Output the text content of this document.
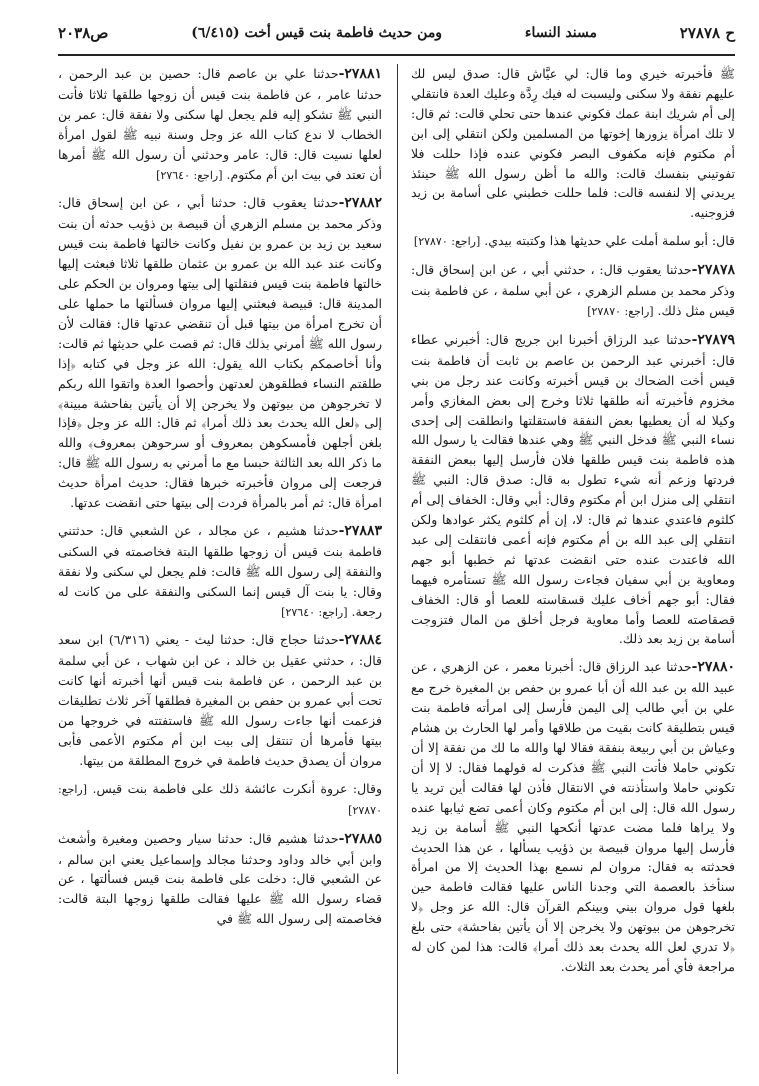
ح ٢٧٨٧٨
مسند النساء
ومن حديث فاطمة بنت قيس أخت (٦/٤١٥)
ص٢٠٣٨
ﷺ فأخبرته خيري وما قال: لي عيَّاش قال: صدق ليس لك عليهم نفقة ولا سكنى وليسبت له فيك رِدَّة وعليك العدة فانتقلي إلى أم شريك ابنة عمك فكوني عندها حتى تحلي قالت: ثم قال: لا تلك امرأة يزورها إخوتها من المسلمين ولكن انتقلي إلى ابن أم مكتوم فإنه مكفوف البصر فكوني عنده فإذا حللت فلا تفوتيني بنفسك قالت: والله ما أظن رسول الله ﷺ حينئذ يريدني إلا لنفسه قالت: فلما حللت خطبني على أسامة بن زيد فزوجنيه.
قال: أبو سلمة أملت علي حديثها هذا وكتبته بيدي. [راجع: ٢٧٨٧٠]
٢٧٨٧٨-حدثنا يعقوب قال: ، حدثني أبي ، عن ابن إسحاق قال: وذكر محمد بن مسلم الزهري ، عن أبي سلمة ، عن فاطمة بنت قيس مثل ذلك. [راجع: ٢٧٨٧٠]
٢٧٨٧٩-حدثنا عبد الرزاق أخبرنا ابن جريج قال: أخبرني عطاء قال: أخبرني عبد الرحمن بن عاصم بن ثابت أن فاطمة بنت قيس أخت الضحاك بن قيس أخبرته وكانت عند رجل من بني مخزوم فأخبرته أنه طلقها ثلاثا وخرج إلى بعض المغازي وأمر وكيلا له أن يعطيها بعض النفقة فاستقلتها وانطلقت إلى إحدى نساء النبي ﷺ فدخل النبي ﷺ وهي عندها فقالت يا رسول الله هذه فاطمة بنت قيس طلقها فلان فأرسل إليها ببعض النفقة فردتها وزعم أنه شيء تطول به قال: صدق قال: النبي ﷺ انتقلي إلى منزل ابن أم مكتوم وقال: أبي وقال: الخفاف إلى أم كلثوم فاعتدي عندها ثم قال: لا، إن أم كلثوم يكثر عوادها ولكن انتقلي إلى عبد الله بن أم مكتوم فإنه أعمى فانتقلت إلى عبد الله فاعتدت عنده حتى انقضت عدتها ثم خطبها أبو جهم ومعاوية بن أبي سفيان فجاءت رسول الله ﷺ تستأمره فيهما فقال: أبو جهم أخاف عليك قسقاسته للعصا أو قال: الخفاف قصقاصته للعصا وأما معاوية فرجل أخلق من المال فتزوجت أسامة بن زيد بعد ذلك.
٢٧٨٨٠-حدثنا عبد الرزاق قال: أخبرنا معمر ، عن الزهري ، عن عبيد الله بن عبد الله أن أبا عمرو بن حفص بن المغيرة خرج مع علي بن أبي طالب إلى اليمن فأرسل إلى امرأته فاطمة بنت قيس بتطليقة كانت بقيت من طلاقها وأمر لها الحارث بن هشام وعياش بن أبي ربيعة بنفقة فقالا لها والله ما لك من نفقة إلا أن تكوني حاملا فأتت النبي ﷺ فذكرت له قولهما فقال: لا إلا أن تكوني حاملا واستأذنته في الانتقال فأذن لها فقالت أين تريد يا رسول الله قال: إلى ابن أم مكتوم وكان أعمى تضع ثيابها عنده ولا يراها فلما مضت عدتها أنكحها النبي ﷺ أسامة بن زيد فأرسل إليها مروان قبيصة بن ذؤيب يسألها ، عن هذا الحديث فحدثته به فقال: مروان لم نسمع بهذا الحديث إلا من امرأة سنأخذ بالعصمة التي وجدنا الناس عليها فقالت فاطمة حين بلغها قول مروان بيني وبينكم القرآن قال: الله عز وجل ﴿لا تخرجوهن من بيوتهن ولا يخرجن إلا أن يأتين بفاحشة﴾ حتى بلغ ﴿لا تدري لعل الله يحدث بعد ذلك أمرا﴾ قالت: هذا لمن كان له مراجعة فأي أمر يحدث بعد الثلاث.
٢٧٨٨١-حدثنا علي بن عاصم قال: حصين بن عبد الرحمن ، حدثنا عامر ، عن فاطمة بنت قيس أن زوجها طلقها ثلاثا فأتت النبي ﷺ تشكو إليه فلم يجعل لها سكنى ولا نفقة قال: عمر بن الخطاب لا ندع كتاب الله عز وجل وسنة نبيه ﷺ لقول امرأة لعلها نسيت قال: قال: عامر وحدثني أن رسول الله ﷺ أمرها أن تعتد في بيت ابن أم مكتوم. [راجع: ٢٧٦٤٠]
٢٧٨٨٢-حدثنا يعقوب قال: حدثنا أبي ، عن ابن إسحاق قال: وذكر محمد بن مسلم الزهري أن قبيصة بن ذؤيب حدثه أن بنت سعيد بن زيد بن عمرو بن نفيل وكانت خالتها فاطمة بنت قيس وكانت عند عبد الله بن عمرو بن عثمان طلقها ثلاثا فبعثت إليها خالتها فاطمة بنت قيس فنقلتها إلى بيتها ومروان بن الحكم على المدينة قال: قبيصة فبعثني إليها مروان فسألتها ما حملها على أن تخرج امرأة من بيتها قبل أن تنقضي عدتها قال: فقالت لأن رسول الله ﷺ أمرني بذلك قال: ثم قصت علي حديثها ثم قالت: وأنا أخاصمكم بكتاب الله يقول: الله عز وجل في كتابه ﴿إذا طلقتم النساء فطلقوهن لعدتهن وأحصوا العدة واتقوا الله ربكم لا تخرجوهن من بيوتهن ولا يخرجن إلا أن يأتين بفاحشة مبينة﴾ إلى ﴿لعل الله يحدث بعد ذلك أمرا﴾ ثم قال: الله عز وجل ﴿فإذا بلغن أجلهن فأمسكوهن بمعروف أو سرحوهن بمعروف﴾ والله ما ذكر الله بعد الثالثة حبسا مع ما أمرني به رسول الله ﷺ قال: فرجعت إلى مروان فأخبرته خبرها فقال: حديث امرأة حديث امرأة قال: ثم أمر بالمرأة فردت إلى بيتها حتى انقضت عدتها.
٢٧٨٨٣-حدثنا هشيم ، عن مجالد ، عن الشعبي قال: حدثتني فاطمة بنت قيس أن زوجها طلقها البتة فخاصمته في السكنى والنفقة إلى رسول الله ﷺ قالت: فلم يجعل لي سكنى ولا نفقة وقال: يا بنت آل قيس إنما السكنى والنفقة على من كانت له رجعة. [راجع: ٢٧٦٤٠]
٢٧٨٨٤-حدثنا حجاج قال: حدثنا ليث - يعني (٦/٣١٦) ابن سعد قال: ، حدثني عقيل بن خالد ، عن ابن شهاب ، عن أبي سلمة بن عبد الرحمن ، عن فاطمة بنت قيس أنها أخبرته أنها كانت تحت أبي عمرو بن حفص بن المغيرة فطلقها آخر ثلاث تطليقات فزعمت أنها جاءت رسول الله ﷺ فاستفتته في خروجها من بيتها فأمرها أن تنتقل إلى بيت ابن أم مكتوم الأعمى فأبى مروان أن يصدق حديث فاطمة في خروج المطلقة من بيتها.
وقال: عروة أنكرت عائشة ذلك على فاطمة بنت قيس. [راجع: ٢٧٨٧٠]
٢٧٨٨٥-حدثنا هشيم قال: حدثنا سيار وحصين ومغيرة وأشعث وابن أبي خالد وداود وحدثنا مجالد وإسماعيل يعني ابن سالم ، عن الشعبي قال: دخلت على فاطمة بنت قيس فسألتها ، عن قضاء رسول الله ﷺ عليها فقالت طلقها زوجها البتة قالت: فخاصمته إلى رسول الله ﷺ في
